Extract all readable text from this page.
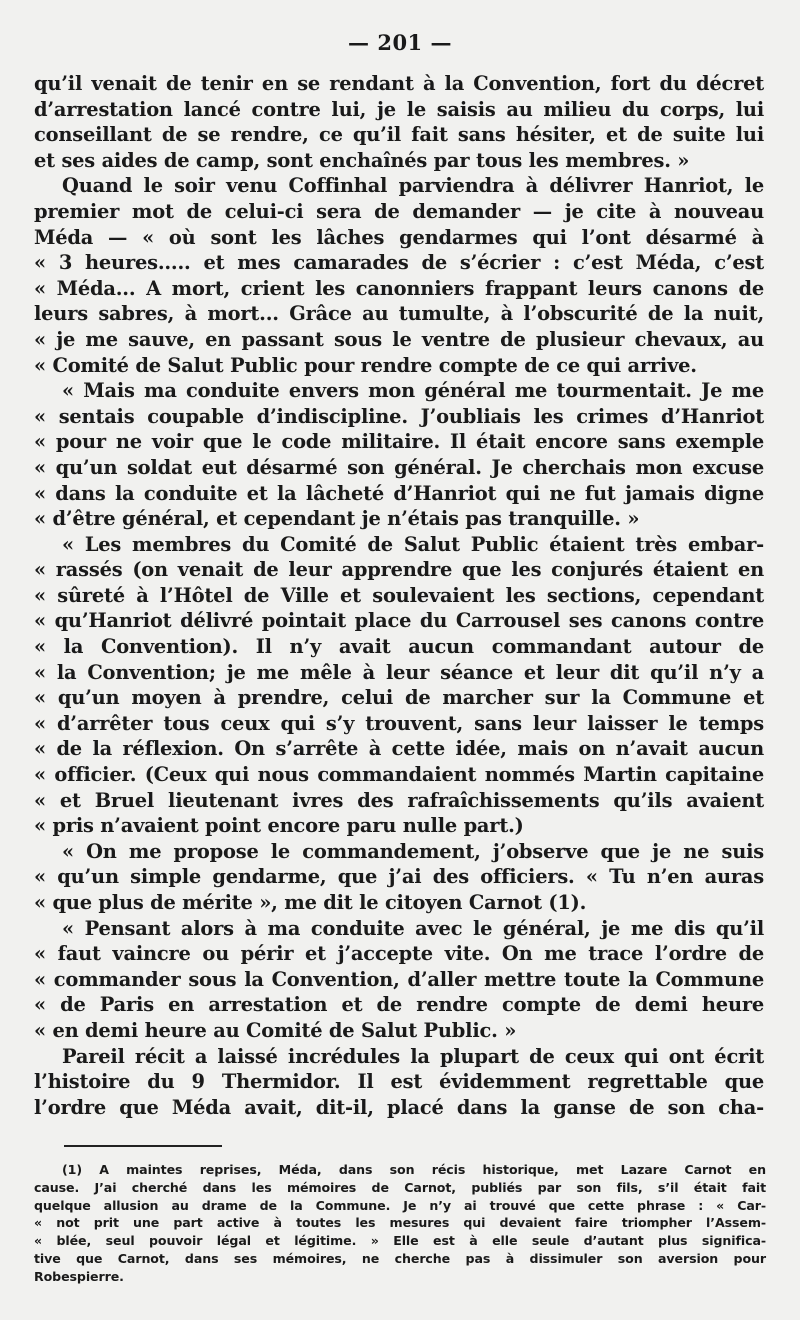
— 201 —
qu’il venait de tenir en se rendant à la Convention, fort du décret
d’arrestation lancé contre lui, je le saisis au milieu du corps, lui
conseillant de se rendre, ce qu’il fait sans hésiter, et de suite lui
et ses aides de camp, sont enchaînés par tous les membres. »
Quand le soir venu Coffinhal parviendra à délivrer Hanriot, le
premier mot de celui-ci sera de demander — je cite à nouveau
Méda — « où sont les lâches gendarmes qui l’ont désarmé à
« 3 heures..... et mes camarades de s’écrier : c’est Méda, c’est
« Méda... A mort, crient les canonniers frappant leurs canons de
leurs sabres, à mort... Grâce au tumulte, à l’obscurité de la nuit,
« je me sauve, en passant sous le ventre de plusieur chevaux, au
« Comité de Salut Public pour rendre compte de ce qui arrive.
« Mais ma conduite envers mon général me tourmentait. Je me
« sentais coupable d’indiscipline. J’oubliais les crimes d’Hanriot
« pour ne voir que le code militaire. Il était encore sans exemple
« qu’un soldat eut désarmé son général. Je cherchais mon excuse
« dans la conduite et la lâcheté d’Hanriot qui ne fut jamais digne
« d’être général, et cependant je n’étais pas tranquille. »
« Les membres du Comité de Salut Public étaient très embar-
« rassés (on venait de leur apprendre que les conjurés étaient en
« sûreté à l’Hôtel de Ville et soulevaient les sections, cependant
« qu’Hanriot délivré pointait place du Carrousel ses canons contre
« la Convention). Il n’y avait aucun commandant autour de
« la Convention; je me mêle à leur séance et leur dit qu’il n’y a
« qu’un moyen à prendre, celui de marcher sur la Commune et
« d’arrêter tous ceux qui s’y trouvent, sans leur laisser le temps
« de la réflexion. On s’arrête à cette idée, mais on n’avait aucun
« officier. (Ceux qui nous commandaient nommés Martin capitaine
« et Bruel lieutenant ivres des rafraîchissements qu’ils avaient
« pris n’avaient point encore paru nulle part.)
« On me propose le commandement, j’observe que je ne suis
« qu’un simple gendarme, que j’ai des officiers. « Tu n’en auras
« que plus de mérite », me dit le citoyen Carnot (1).
« Pensant alors à ma conduite avec le général, je me dis qu’il
« faut vaincre ou périr et j’accepte vite. On me trace l’ordre de
« commander sous la Convention, d’aller mettre toute la Commune
« de Paris en arrestation et de rendre compte de demi heure
« en demi heure au Comité de Salut Public. »
Pareil récit a laissé incrédules la plupart de ceux qui ont écrit
l’histoire du 9 Thermidor. Il est évidemment regrettable que
l’ordre que Méda avait, dit-il, placé dans la ganse de son cha-
(1) A maintes reprises, Méda, dans son récis historique, met Lazare Carnot en
cause. J’ai cherché dans les mémoires de Carnot, publiés par son fils, s’il était fait
quelque allusion au drame de la Commune. Je n’y ai trouvé que cette phrase : « Car-
« not prit une part active à toutes les mesures qui devaient faire triompher l’Assem-
« blée, seul pouvoir légal et légitime. » Elle est à elle seule d’autant plus significa-
tive que Carnot, dans ses mémoires, ne cherche pas à dissimuler son aversion pour
Robespierre.
